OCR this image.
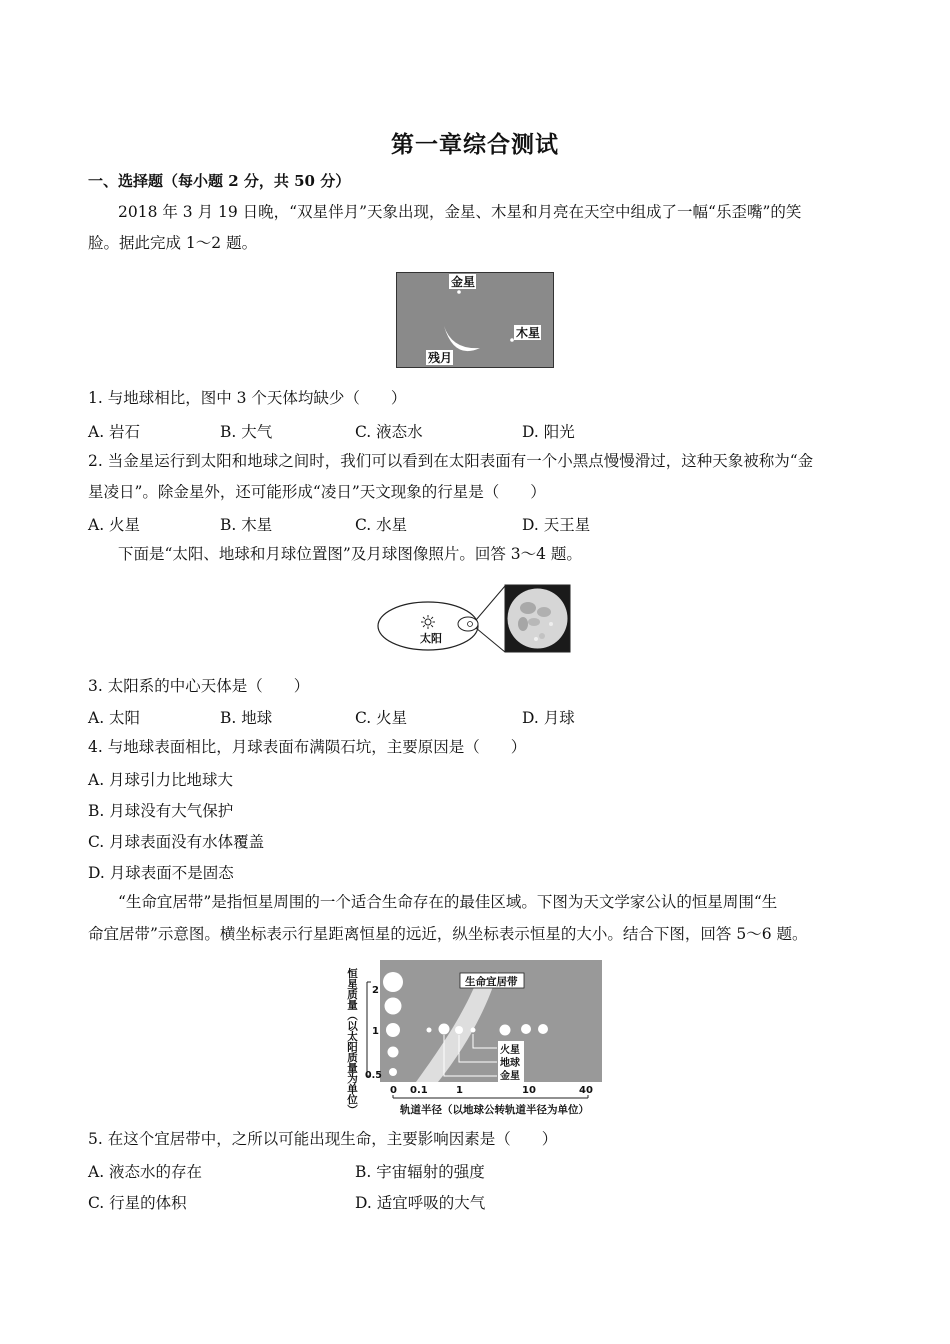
第一章综合测试
一、选择题（每小题 2 分，共 50 分）
2018 年 3 月 19 日晚，“双星伴月”天象出现，金星、木星和月亮在天空中组成了一幅“乐歪嘴”的笑
脸。据此完成 1～2 题。
金星
木星
残月
1. 与地球相比，图中 3 个天体均缺少（　　）
A. 岩石	B. 大气	C. 液态水	D. 阳光
2. 当金星运行到太阳和地球之间时，我们可以看到在太阳表面有一个小黑点慢慢滑过，这种天象被称为“金
星凌日”。除金星外，还可能形成“凌日”天文现象的行星是（　　）
A. 火星	B. 木星	C. 水星	D. 天王星
下面是“太阳、地球和月球位置图”及月球图像照片。回答 3～4 题。
太阳
3. 太阳系的中心天体是（　　）
A. 太阳	B. 地球	C. 火星	D. 月球
4. 与地球表面相比，月球表面布满陨石坑，主要原因是（　　）
A. 月球引力比地球大
B. 月球没有大气保护
C. 月球表面没有水体覆盖
D. 月球表面不是固态
“生命宜居带”是指恒星周围的一个适合生命存在的最佳区域。下图为天文学家公认的恒星周围“生
命宜居带”示意图。横坐标表示行星距离恒星的远近，纵坐标表示恒星的大小。结合下图，回答 5～6 题。
恒星质量（以太阳质量为单位）	生命宜居带
火星
地球
金星
2
1
0.5
0 0.1	1	10	40
轨道半径（以地球公转轨道半径为单位）
5. 在这个宜居带中，之所以可能出现生命，主要影响因素是（　　）
A. 液态水的存在	B. 宇宙辐射的强度
C. 行星的体积	D. 适宜呼吸的大气
